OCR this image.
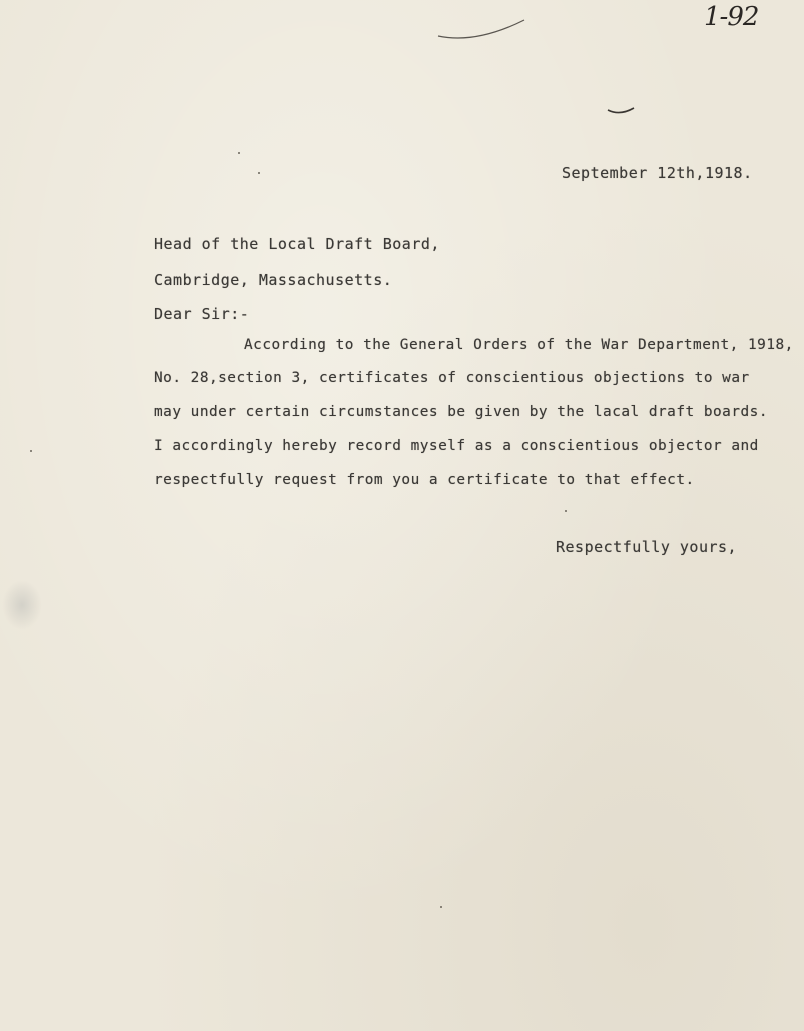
1-92
September 12th,1918.
Head of the Local Draft Board,
Cambridge, Massachusetts.
Dear Sir:-
According to the General Orders of the War Department, 1918,
No. 28,section 3, certificates of conscientious objections to war
may under certain circumstances be given by the lacal draft boards.
I accordingly hereby record myself as a conscientious objector and
respectfully request from you a certificate to that effect.
Respectfully yours,
